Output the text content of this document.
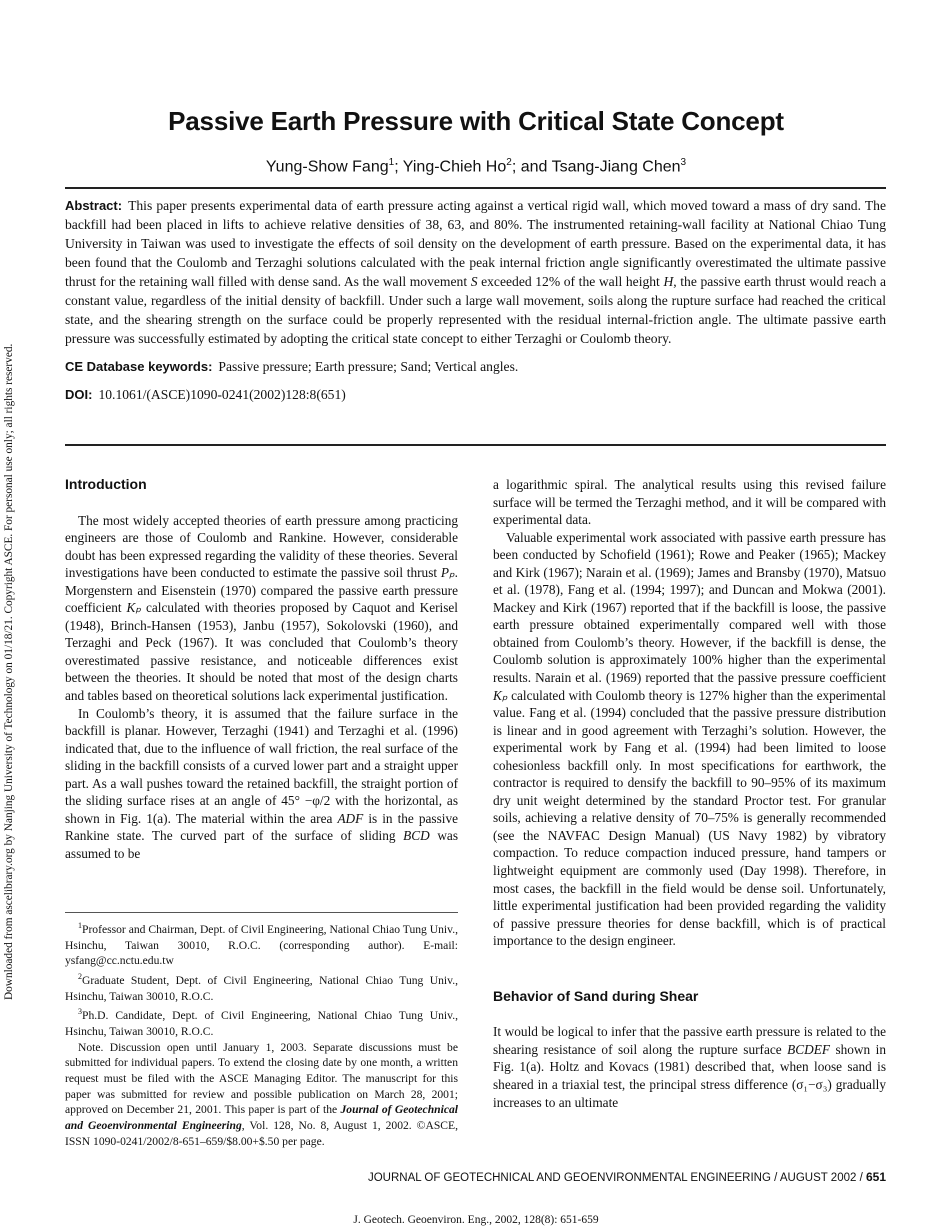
Downloaded from ascelibrary.org by Nanjing University of Technology on 01/18/21. Copyright ASCE. For personal use only; all rights reserved.
Passive Earth Pressure with Critical State Concept
Yung-Show Fang$^1$; Ying-Chieh Ho$^2$; and Tsang-Jiang Chen$^3$

Abstract: This paper presents experimental data of earth pressure acting against a vertical rigid wall, which moved toward a mass of dry sand. The backfill had been placed in lifts to achieve relative densities of 38, 63, and 80%. The instrumented retaining-wall facility at National Chiao Tung University in Taiwan was used to investigate the effects of soil density on the development of earth pressure. Based on the experimental data, it has been found that the Coulomb and Terzaghi solutions calculated with the peak internal friction angle significantly overestimated the ultimate passive thrust for the retaining wall filled with dense sand. As the wall movement S exceeded 12% of the wall height H, the passive earth thrust would reach a constant value, regardless of the initial density of backfill. Under such a large wall movement, soils along the rupture surface had reached the critical state, and the shearing strength on the surface could be properly represented with the residual internal-friction angle. The ultimate passive earth pressure was successfully estimated by adopting the critical state concept to either Terzaghi or Coulomb theory.

CE Database keywords: Passive pressure; Earth pressure; Sand; Vertical angles.

DOI: 10.1061/(ASCE)1090-0241(2002)128:8(651)

Introduction

The most widely accepted theories of earth pressure among practicing engineers are those of Coulomb and Rankine. However, considerable doubt has been expressed regarding the validity of these theories. Several investigations have been conducted to estimate the passive soil thrust Pₚ. Morgenstern and Eisenstein (1970) compared the passive earth pressure coefficient Kₚ calculated with theories proposed by Caquot and Kerisel (1948), Brinch-Hansen (1953), Janbu (1957), Sokolovski (1960), and Terzaghi and Peck (1967). It was concluded that Coulomb’s theory overestimated passive resistance, and noticeable differences exist between the theories. It should be noted that most of the design charts and tables based on theoretical solutions lack experimental justification.

In Coulomb’s theory, it is assumed that the failure surface in the backfill is planar. However, Terzaghi (1941) and Terzaghi et al. (1996) indicated that, due to the influence of wall friction, the real surface of the sliding in the backfill consists of a curved lower part and a straight upper part. As a wall pushes toward the retained backfill, the straight portion of the sliding surface rises at an angle of 45° −φ/2 with the horizontal, as shown in Fig. 1(a). The material within the area ADF is in the passive Rankine state. The curved part of the surface of sliding BCD was assumed to be

$^1$Professor and Chairman, Dept. of Civil Engineering, National Chiao Tung Univ., Hsinchu, Taiwan 30010, R.O.C. (corresponding author). E-mail: ysfang@cc.nctu.edu.tw

$^2$Graduate Student, Dept. of Civil Engineering, National Chiao Tung Univ., Hsinchu, Taiwan 30010, R.O.C.

$^3$Ph.D. Candidate, Dept. of Civil Engineering, National Chiao Tung Univ., Hsinchu, Taiwan 30010, R.O.C.

Note. Discussion open until January 1, 2003. Separate discussions must be submitted for individual papers. To extend the closing date by one month, a written request must be filed with the ASCE Managing Editor. The manuscript for this paper was submitted for review and possible publication on March 28, 2001; approved on December 21, 2001. This paper is part of the Journal of Geotechnical and Geoenvironmental Engineering, Vol. 128, No. 8, August 1, 2002. ©ASCE, ISSN 1090-0241/2002/8-651–659/$8.00+$.50 per page.

a logarithmic spiral. The analytical results using this revised failure surface will be termed the Terzaghi method, and it will be compared with experimental data.

Valuable experimental work associated with passive earth pressure has been conducted by Schofield (1961); Rowe and Peaker (1965); Mackey and Kirk (1967); Narain et al. (1969); James and Bransby (1970), Matsuo et al. (1978), Fang et al. (1994; 1997); and Duncan and Mokwa (2001). Mackey and Kirk (1967) reported that if the backfill is loose, the passive earth pressure obtained experimentally compared well with those obtained from Coulomb’s theory. However, if the backfill is dense, the Coulomb solution is approximately 100% higher than the experimental results. Narain et al. (1969) reported that the passive pressure coefficient Kₚ calculated with Coulomb theory is 127% higher than the experimental value. Fang et al. (1994) concluded that the passive pressure distribution is linear and in good agreement with Terzaghi’s solution. However, the experimental work by Fang et al. (1994) had been limited to loose cohesionless backfill only. In most specifications for earthwork, the contractor is required to densify the backfill to 90–95% of its maximum dry unit weight determined by the standard Proctor test. For granular soils, achieving a relative density of 70–75% is generally recommended (see the NAVFAC Design Manual) (US Navy 1982) by vibratory compaction. To reduce compaction induced pressure, hand tampers or lightweight equipment are commonly used (Day 1998). Therefore, in most cases, the backfill in the field would be dense soil. Unfortunately, little experimental justification had been provided regarding the validity of passive pressure theories for dense backfill, which is of practical importance to the design engineer.

Behavior of Sand during Shear

It would be logical to infer that the passive earth pressure is related to the shearing resistance of soil along the rupture surface BCDEF shown in Fig. 1(a). Holtz and Kovacs (1981) described that, when loose sand is sheared in a triaxial test, the principal stress difference (σ₁−σ₃) gradually increases to an ultimate

JOURNAL OF GEOTECHNICAL AND GEOENVIRONMENTAL ENGINEERING / AUGUST 2002 / 651
J. Geotech. Geoenviron. Eng., 2002, 128(8): 651-659
